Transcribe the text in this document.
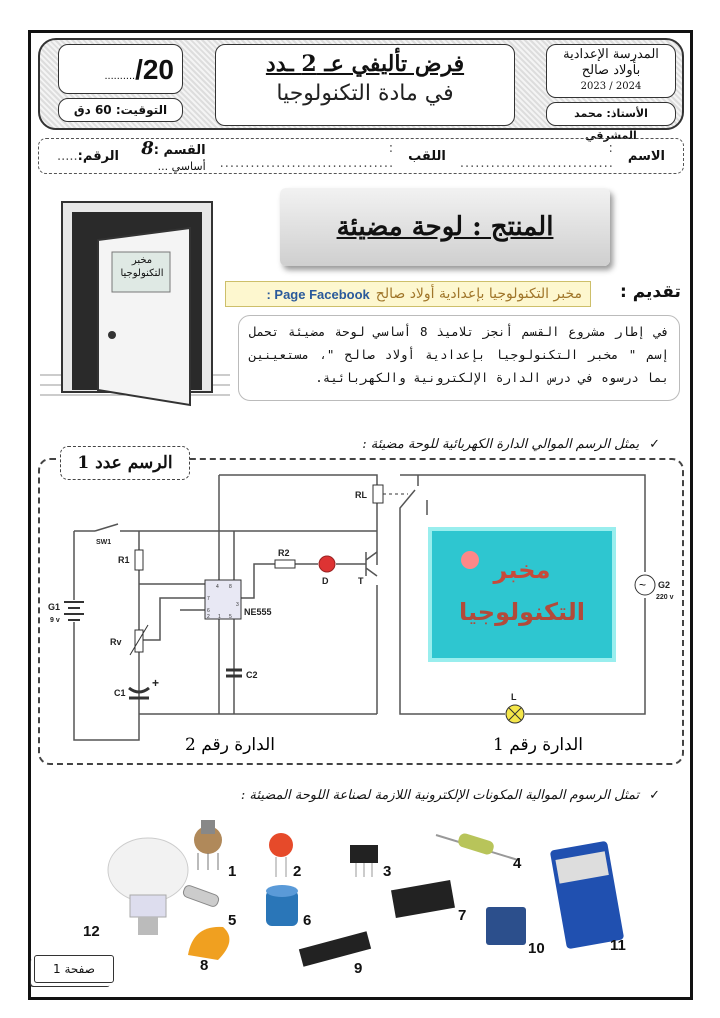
........../20
التوقيت: 60 دق
فرض تأليفي عـ 2 ـدد
في مادة التكنولوجيا
المدرسة الإعدادية
بأولاد صالح
2024 / 2023
الأستاذ: محمد المشرقي
الاسم
: ..............................
اللقب
: ..................................
القسم :8 أساسي ...
الرقم:.....
مخبر التكنولوجيا
المنتج : لوحة مضيئة
تقديم :
مخبر التكنولوجيا بإعدادية أولاد صالح
: Page Facebook
في إطار مشروع القسم أنجز تلاميذ 8 أساسي لوحة مضيئة تحمل إسم " مخبر التكنولوجيا بإعدادية أولاد صالح "، مستعينين بما درسوه في درس الدارة الإلكترونية والكهربائية.
✓يمثل الرسم الموالي الدارة الكهربائية للوحة مضيئة :
~
SW1
R1
G1
9 v
Rv
C1
+
C2
NE555
R2
D	T
RL
G2
220 v
L
4 8
7
6
3
2 1 5
مخبر
التكنولوجيا
الدارة رقم 2	الدارة رقم 1
الرسم عدد 1
✓تمثل الرسوم الموالية المكونات الإلكترونية اللازمة لصناعة اللوحة المضيئة :
1	2	3	4
5	6	7
8	9
10	11
12
صفحة 1
